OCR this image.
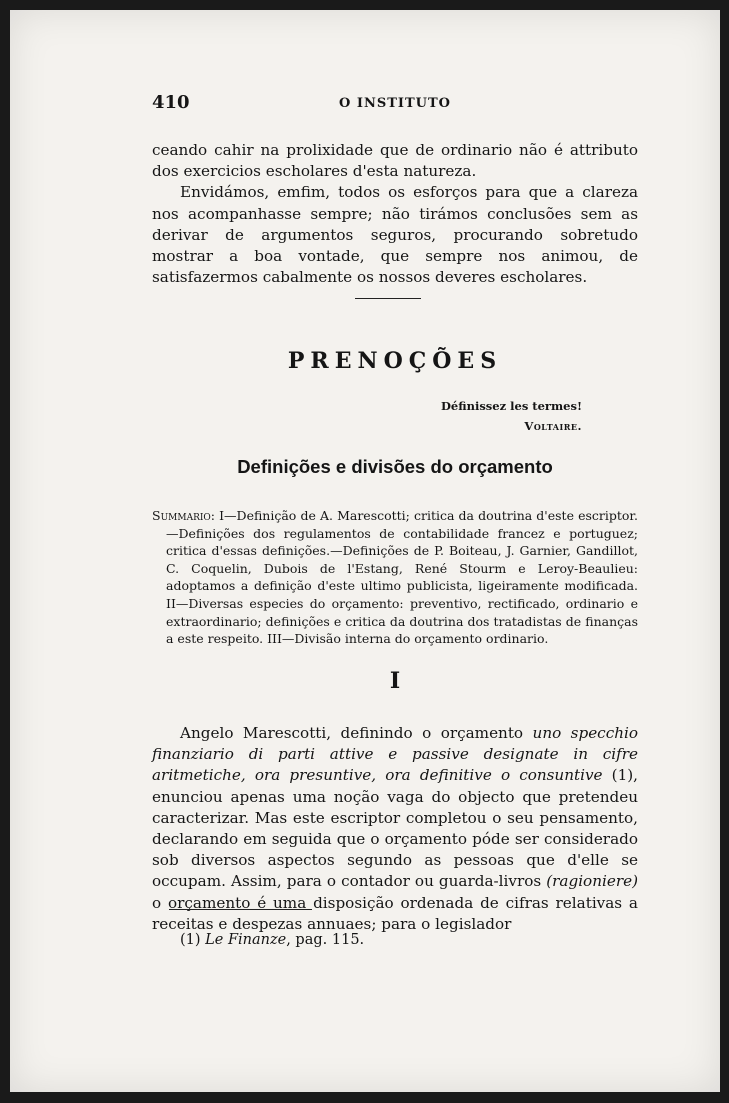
410	O INSTITUTO

ceando cahir na prolixidade que de ordinario não é attributo dos exercicios escholares d'esta natureza.

Envidámos, emfim, todos os esforços para que a clareza nos acompanhasse sempre; não tirámos conclusões sem as derivar de argumentos seguros, procurando sobretudo mostrar a boa vontade, que sempre nos animou, de satisfazermos cabalmente os nossos deveres escholares.

PRENOÇÕES
Définissez les termes!
Voltaire.
Definições e divisões do orçamento
Summario: I—Definição de A. Marescotti; critica da doutrina d'este escriptor.—Definições dos regulamentos de contabilidade francez e portuguez; critica d'essas definições.—Definições de P. Boiteau, J. Garnier, Gandillot, C. Coquelin, Dubois de l'Estang, René Stourm e Leroy-Beaulieu: adoptamos a definição d'este ultimo publicista, ligeiramente modificada. II—Diversas especies do orçamento: preventivo, rectificado, ordinario e extraordinario; definições e critica da doutrina dos tratadistas de finanças a este respeito. III—Divisão interna do orçamento ordinario.
I

Angelo Marescotti, definindo o orçamento uno specchio finanziario di parti attive e passive designate in cifre aritmetiche, ora presuntive, ora definitive o consuntive (1), enunciou apenas uma noção vaga do objecto que pretendeu caracterizar. Mas este escriptor completou o seu pensamento, declarando em seguida que o orçamento póde ser considerado sob diversos aspectos segundo as pessoas que d'elle se occupam. Assim, para o contador ou guarda-livros (ragioniere) o orçamento é uma disposição ordenada de cifras relativas a receitas e despezas annuaes; para o legislador

(1) Le Finanze, pag. 115.
